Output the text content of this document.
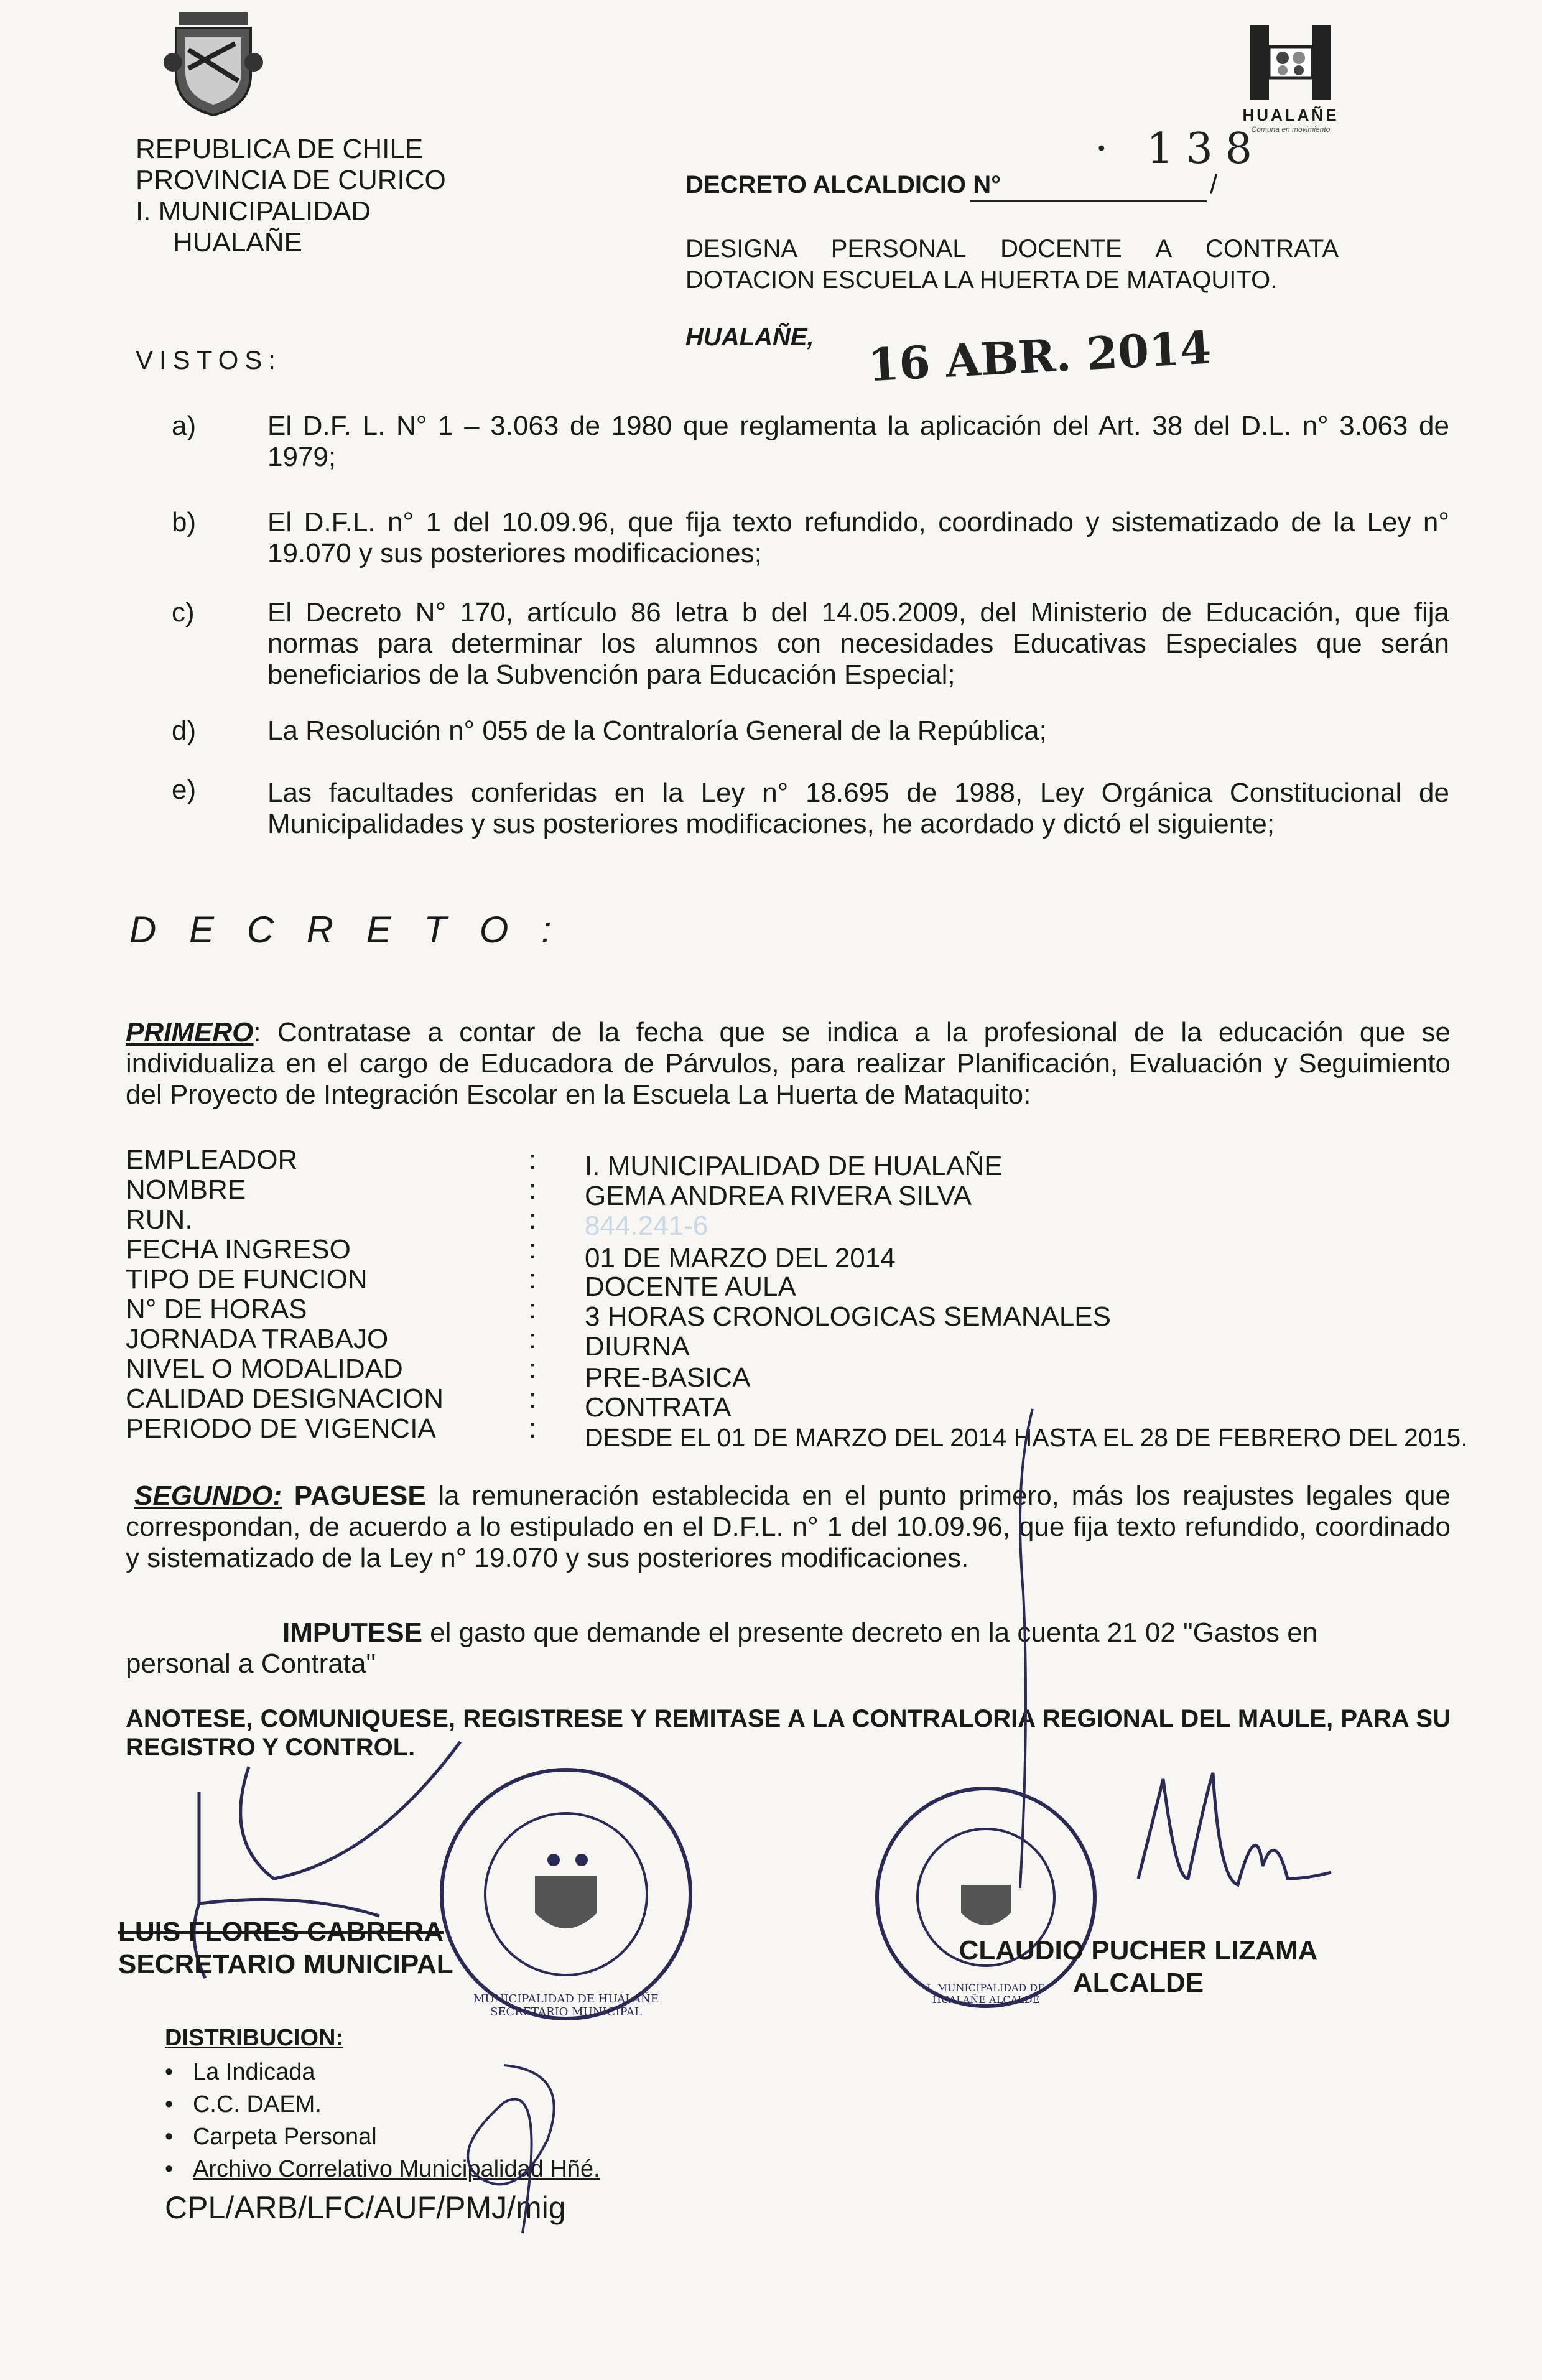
REPUBLICA DE CHILE
PROVINCIA DE CURICO
I. MUNICIPALIDAD
HUALAÑE
HUALAÑE
Comuna en movimiento
DECRETO ALCALDICIO N°
· 138
/
DESIGNA PERSONAL DOCENTE A CONTRATA DOTACION ESCUELA LA HUERTA DE MATAQUITO.
HUALAÑE, 16 ABR. 2014
VISTOS:
a)	El D.F. L. N° 1 – 3.063 de 1980 que reglamenta la aplicación del Art. 38 del D.L. n° 3.063 de 1979;
b)	El D.F.L. n° 1 del 10.09.96, que fija texto refundido, coordinado y sistematizado de la Ley n° 19.070 y sus posteriores modificaciones;
c)	El Decreto N° 170, artículo 86 letra b del 14.05.2009, del Ministerio de Educación, que fija normas para determinar los alumnos con necesidades Educativas Especiales que serán beneficiarios de la Subvención para Educación Especial;
d)	La Resolución n° 055 de la Contraloría General de la República;
e)	Las facultades conferidas en la Ley n° 18.695 de 1988, Ley Orgánica Constitucional de Municipalidades y sus posteriores modificaciones, he acordado y dictó el siguiente;
D E C R E T O :
PRIMERO: Contratase a contar de la fecha que se indica a la profesional de la educación que se individualiza en el cargo de Educadora de Párvulos, para realizar Planificación, Evaluación y Seguimiento del Proyecto de Integración Escolar en la Escuela La Huerta de Mataquito:
EMPLEADOR	: I. MUNICIPALIDAD DE HUALAÑE
NOMBRE	: GEMA ANDREA RIVERA SILVA
RUN.	: 844.241-6
FECHA INGRESO	: 01 DE MARZO DEL 2014
TIPO DE FUNCION	: DOCENTE AULA
N° DE HORAS	: 3 HORAS CRONOLOGICAS SEMANALES
JORNADA TRABAJO	: DIURNA
NIVEL O MODALIDAD	: PRE-BASICA
CALIDAD DESIGNACION	: CONTRATA
PERIODO DE VIGENCIA	: DESDE EL 01 DE MARZO DEL 2014 HASTA EL 28 DE FEBRERO DEL 2015.
SEGUNDO: PAGUESE la remuneración establecida en el punto primero, más los reajustes legales que correspondan, de acuerdo a lo estipulado en el D.F.L. n° 1 del 10.09.96, que fija texto refundido, coordinado y sistematizado de la Ley n° 19.070 y sus posteriores modificaciones.
IMPUTESE el gasto que demande el presente decreto en la cuenta 21 02 "Gastos en
personal a Contrata"
ANOTESE, COMUNIQUESE, REGISTRESE Y REMITASE A LA CONTRALORIA REGIONAL DEL MAULE, PARA SU REGISTRO Y CONTROL.
MUNICIPALIDAD DE HUALAÑE SECRETARIO MUNICIPAL
LUIS FLORES CABRERA
SECRETARIO MUNICIPAL
I. MUNICIPALIDAD DE HUALAÑE ALCALDE
CLAUDIO PUCHER LIZAMA
ALCALDE
DISTRIBUCION:
•   La Indicada
•   C.C. DAEM.
•   Carpeta Personal
•   Archivo Correlativo Municipalidad Hñé.
CPL/ARB/LFC/AUF/PMJ/mig
